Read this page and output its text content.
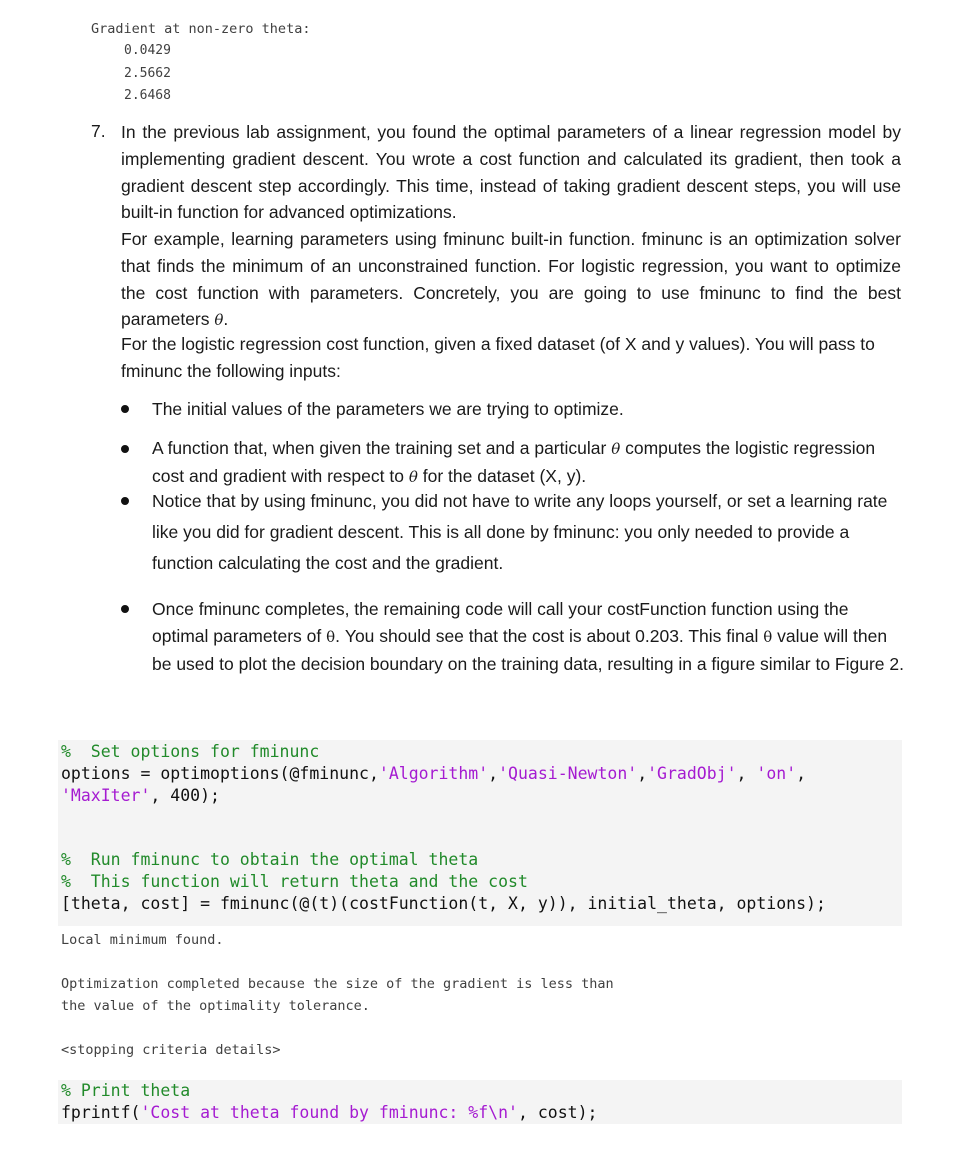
Gradient at non-zero theta:
0.0429
2.5662
2.6468
7. In the previous lab assignment, you found the optimal parameters of a linear regression model by implementing gradient descent. You wrote a cost function and calculated its gradient, then took a gradient descent step accordingly. This time, instead of taking gradient descent steps, you will use built-in function for advanced optimizations.

For example, learning parameters using fminunc built-in function. fminunc is an optimization solver that finds the minimum of an unconstrained function. For logistic regression, you want to optimize the cost function with parameters. Concretely, you are going to use fminunc to find the best parameters θ.

For the logistic regression cost function, given a fixed dataset (of X and y values). You will pass to fminunc the following inputs:

The initial values of the parameters we are trying to optimize.

A function that, when given the training set and a particular θ computes the logistic regression cost and gradient with respect to θ for the dataset (X, y).

Notice that by using fminunc, you did not have to write any loops yourself, or set a learning rate like you did for gradient descent. This is all done by fminunc: you only needed to provide a function calculating the cost and the gradient.

Once fminunc completes, the remaining code will call your costFunction function using the optimal parameters of θ. You should see that the cost is about 0.203. This final θ value will then be used to plot the decision boundary on the training data, resulting in a figure similar to Figure 2.

%  Set options for fminunc
options = optimoptions(@fminunc,'Algorithm','Quasi-Newton','GradObj', 'on',
'MaxIter', 400);
%  Run fminunc to obtain the optimal theta
%  This function will return theta and the cost
[theta, cost] = fminunc(@(t)(costFunction(t, X, y)), initial_theta, options);
Local minimum found.
Optimization completed because the size of the gradient is less than
the value of the optimality tolerance.
<stopping criteria details>
% Print theta
fprintf('Cost at theta found by fminunc: %f\n', cost);
